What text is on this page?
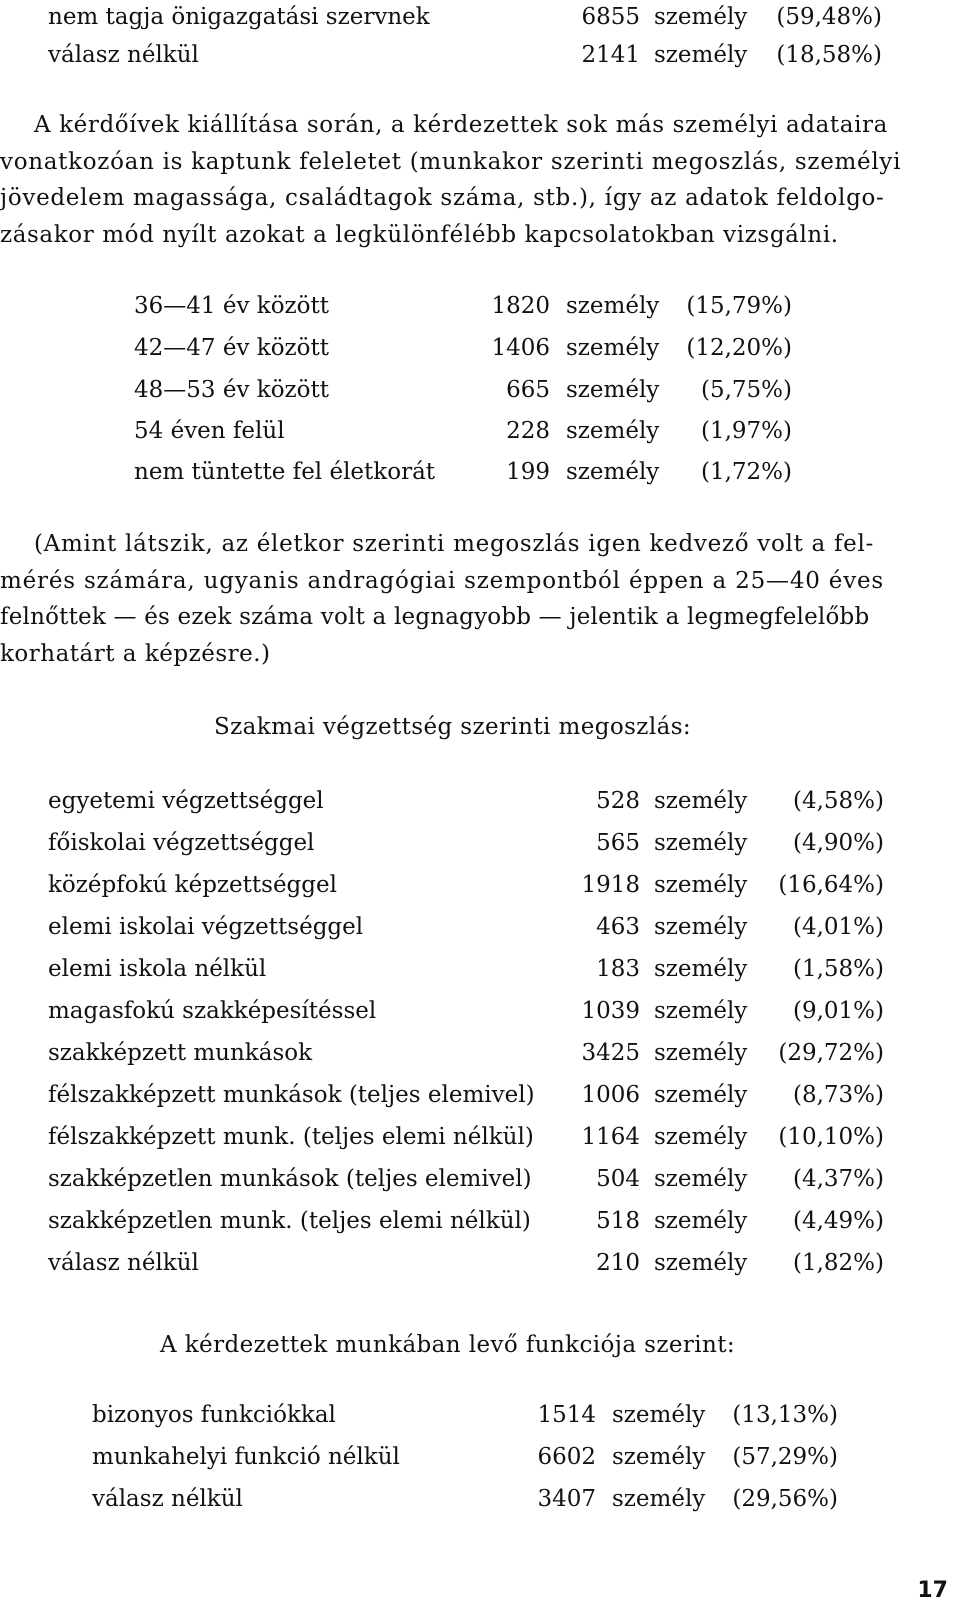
nem tagja önigazgatási szervnek	6855 személy	(59,48%)
válasz nélkül	2141 személy	(18,58%)
A kérdőívek kiállítása során, a kérdezettek sok más személyi adataira
vonatkozóan is kaptunk feleletet (munkakor szerinti megoszlás, személyi
jövedelem magassága, családtagok száma, stb.), így az adatok feldolgo-
zásakor mód nyílt azokat a legkülönfélébb kapcsolatokban vizsgálni.
36—41 év között	1820 személy	(15,79%)
42—47 év között	1406 személy	(12,20%)
48—53 év között	665 személy	(5,75%)
54 éven felül	228 személy	(1,97%)
nem tüntette fel életkorát	199 személy	(1,72%)
(Amint látszik, az életkor szerinti megoszlás igen kedvező volt a fel-
mérés számára, ugyanis andragógiai szempontból éppen a 25—40 éves
felnőttek — és ezek száma volt a legnagyobb — jelentik a legmegfelelőbb
korhatárt a képzésre.)
Szakmai végzettség szerinti megoszlás:
egyetemi végzettséggel	528 személy	(4,58%)
főiskolai végzettséggel	565 személy	(4,90%)
középfokú képzettséggel	1918 személy	(16,64%)
elemi iskolai végzettséggel	463 személy	(4,01%)
elemi iskola nélkül	183 személy	(1,58%)
magasfokú szakképesítéssel	1039 személy	(9,01%)
szakképzett munkások	3425 személy	(29,72%)
félszakképzett munkások (teljes elemivel)	1006 személy	(8,73%)
félszakképzett munk. (teljes elemi nélkül)	1164 személy	(10,10%)
szakképzetlen munkások (teljes elemivel)	504 személy	(4,37%)
szakképzetlen munk. (teljes elemi nélkül)	518 személy	(4,49%)
válasz nélkül	210 személy	(1,82%)
A kérdezettek munkában levő funkciója szerint:
bizonyos funkciókkal	1514 személy	(13,13%)
munkahelyi funkció nélkül	6602 személy	(57,29%)
válasz nélkül	3407 személy	(29,56%)
17
